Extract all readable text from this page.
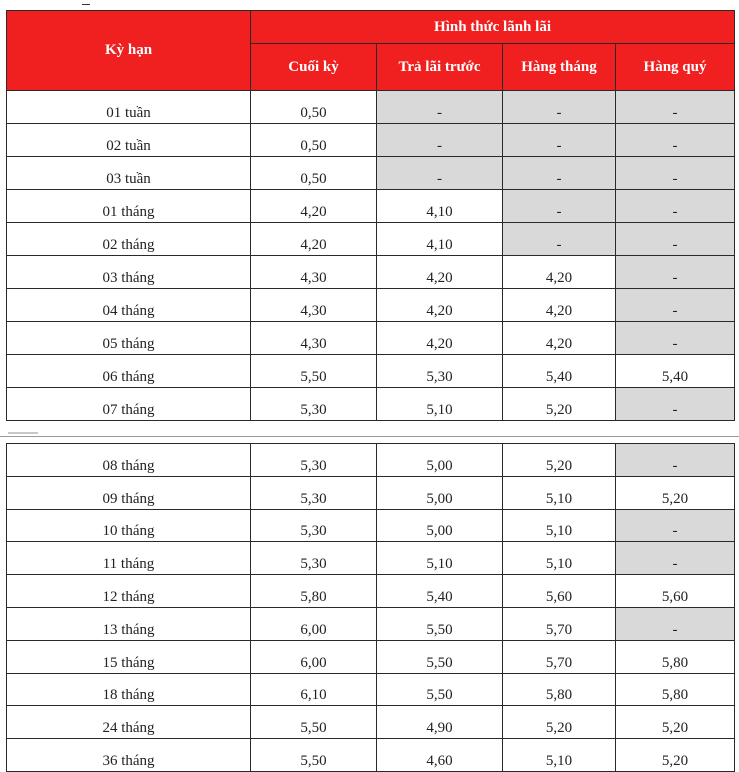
Kỳ hạn	Hình thức lãnh lãi			
	Cuối kỳ	Trả lãi trước	Hàng tháng	Hàng quý
01 tuần	0,50	-	-	-
02 tuần	0,50	-	-	-
03 tuần	0,50	-	-	-
01 tháng	4,20	4,10	-	-
02 tháng	4,20	4,10	-	-
03 tháng	4,30	4,20	4,20	-
04 tháng	4,30	4,20	4,20	-
05 tháng	4,30	4,20	4,20	-
06 tháng	5,50	5,30	5,40	5,40
07 tháng	5,30	5,10	5,20	-
08 tháng	5,30	5,00	5,20	-
09 tháng	5,30	5,00	5,10	5,20
10 tháng	5,30	5,00	5,10	-
11 tháng	5,30	5,10	5,10	-
12 tháng	5,80	5,40	5,60	5,60
13 tháng	6,00	5,50	5,70	-
15 tháng	6,00	5,50	5,70	5,80
18 tháng	6,10	5,50	5,80	5,80
24 tháng	5,50	4,90	5,20	5,20
36 tháng	5,50	4,60	5,10	5,20
